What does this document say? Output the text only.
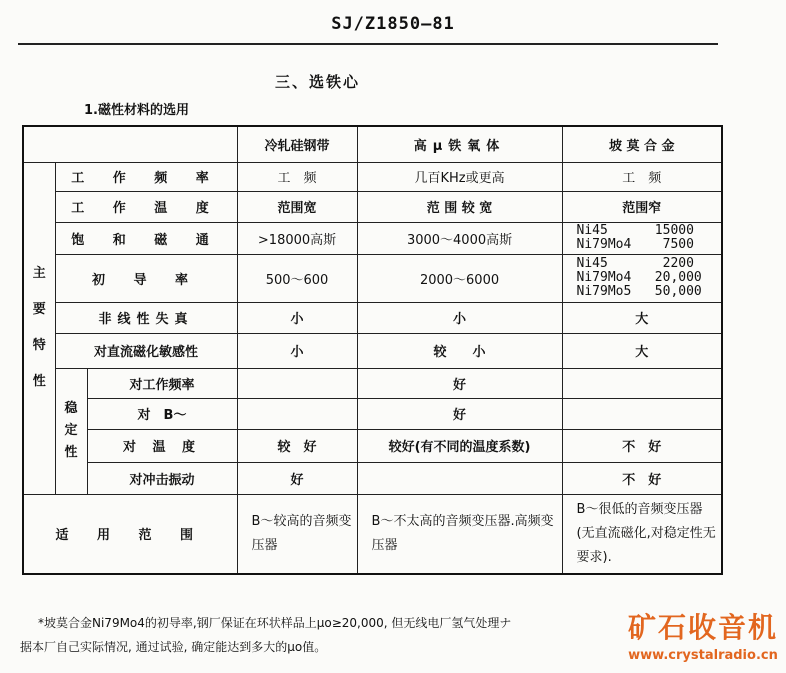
SJ/Z1850—81
三、选铁心
1.磁性材料的选用
			冷轧硅钢带	高μ铁氧体	坡 莫 合 金
主 要 特 性	工 作 频 率		工　频	几百KHz或更高	工　频
	工 作 温 度		范围宽	范 围 较 宽	范围窄
	饱 和 磁 通		>18000高斯	3000～4000高斯	Ni45      15000
Ni79Mo4    7500
	初 导 率		500～600	2000～6000	Ni45       2200
Ni79Mo4   20,000
Ni79Mo5   50,000
	非线性失真		小	小	大
	对直流磁化敏感性		小	较　　小	大
	稳 定 性	对工作频率		好	
		对　B～		好	
		对 温 度	较　好	较好(有不同的温度系数)	不　好
		对冲击振动	好		不　好
适 用 范 围			B～较高的音频变压器	B～不太高的音频变压器.高频变压器	B～很低的音频变压器(无直流磁化,对稳定性无要求).
*坡莫合金Ni79Mo4的初导率,钢厂保证在环状样品上μo≥20,000, 但无线电厂氢气处理ナ
据本厂自己实际情况, 通过试验, 确定能达到多大的μo值。
矿石收音机
www.crystalradio.cn
